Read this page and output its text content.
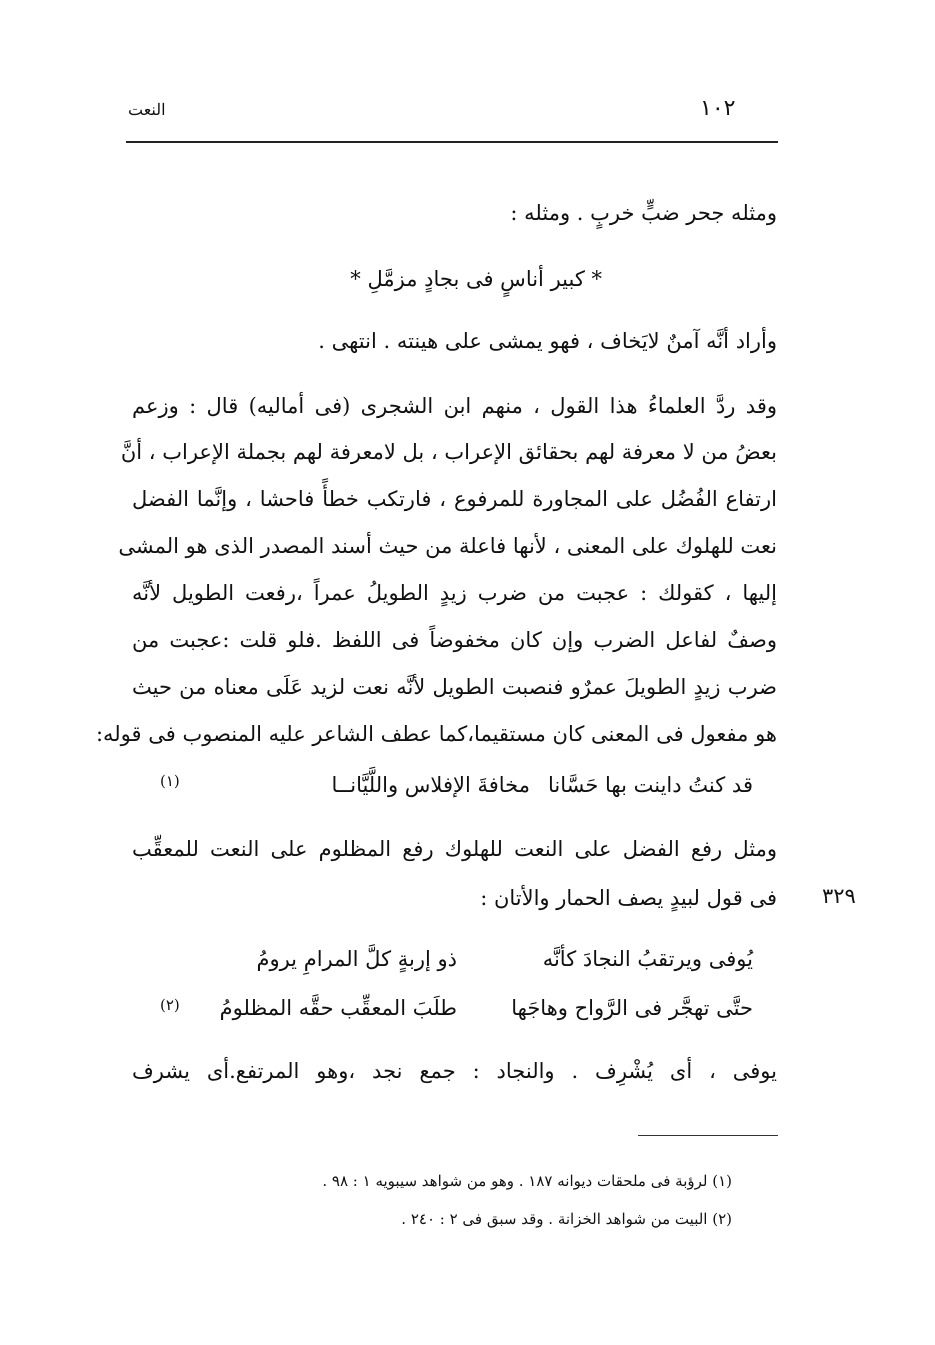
١٠٢
النعت
ومثله جحر ضبٍّ خربٍ . ومثله :
* كبير أناسٍ فى بجادٍ مزمَّلِ *
وأراد أنَّه آمنٌ لايَخاف ، فهو يمشى على هينته . انتهى .
وقد ردَّ العلماءُ هذا القول ، منهم ابن الشجرى (فى أماليه) قال : وزعم
بعضُ من لا معرفة لهم بحقائق الإعراب ، بل لامعرفة لهم بجملة الإعراب ، أنَّ
ارتفاع الفُضُل على المجاورة للمرفوع ، فارتكب خطأً فاحشا ، وإنَّما الفضل
نعت للهلوك على المعنى ، لأنها فاعلة من حيث أسند المصدر الذى هو المشى
إليها ، كقولك : عجبت من ضرب زيدٍ الطويلُ عمراً ،رفعت الطويل لأنَّه
وصفٌ لفاعل الضرب وإن كان مخفوضاً فى اللفظ .فلو قلت :عجبت من
ضرب زيدٍ الطويلَ عمرٌو فنصبت الطويل لأنَّه نعت لزيد عَلَى معناه من حيث
هو مفعول فى المعنى كان مستقيما،كما عطف الشاعر عليه المنصوب فى قوله:
قد كنتُ داينت بها حَسَّانا
مخافةَ الإفلاس واللَّيَّانــا
(١)
ومثل رفع الفضل على النعت للهلوك رفع المظلوم على النعت للمعقِّب
فى قول لبيدٍ يصف الحمار والأتان : ٣٢٩
يُوفى ويرتقبُ النجادَ كأنَّه
ذو إربةٍ كلَّ المرامِ يرومُ
حتَّى تهجَّر فى الرَّواح وهاجَها
طلَبَ المعقِّب حقَّه المظلومُ
(٢)
يوفى ، أى يُشْرِف . والنجاد : جمع نجد ،وهو المرتفع.أى يشرف
(١) لرؤبة فى ملحقات ديوانه ١٨٧ . وهو من شواهد سيبويه ١ : ٩٨ .
(٢) البيت من شواهد الخزانة . وقد سبق فى ٢ : ٢٤٠ .
